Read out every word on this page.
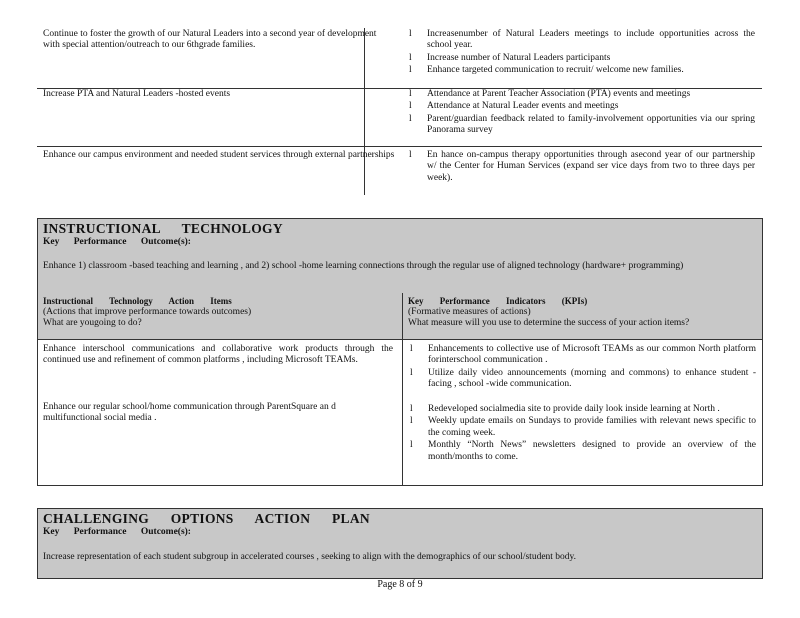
Continue to foster the growth of our Natural Leaders into a second year of development with special attention/outreach to our 6thgrade families.
l Increasenumber of Natural Leaders meetings to include opportunities across the school year.
l Increase number of Natural Leaders participants
l Enhance targeted communication to recruit/ welcome new families.
Increase PTA and Natural Leaders -hosted events	l Attendance at Parent Teacher Association (PTA) events and meetings
l Attendance at Natural Leader events and meetings
l Parent/guardian feedback related to family-involvement opportunities via our spring Panorama survey
Enhance our campus environment and needed student services through external partnerships	l En hance on-campus therapy opportunities through asecond year of our partnership w/ the Center for Human Services (expand ser vice days from two to three days per week).
INSTRUCTIONAL TECHNOLOGY
Key Performance Outcome(s):
Enhance 1) classroom -based teaching and learning , and 2) school -home learning connections through the regular use of aligned technology (hardware+ programming)
Instructional Technology Action Items
(Actions that improve performance towards outcomes)
What are yougoing to do?
Key Performance Indicators (KPIs)
(Formative measures of actions)
What measure will you use to determine the success of your action items?
Enhance interschool communications and collaborative work products through the continued use and refinement of common platforms , including Microsoft TEAMs.
l Enhancements to collective use of Microsoft TEAMs as our common North platform forinterschool communication .
l Utilize daily video announcements (morning and commons) to enhance student -facing , school -wide communication.
Enhance our regular school/home communication through ParentSquare an d multifunctional social media .
l Redeveloped socialmedia site to provide daily look inside learning at North .
l Weekly update emails on Sundays to provide families with relevant news specific to the coming week.
l Monthly “North News” newsletters designed to provide an overview of the month/months to come.
CHALLENGING OPTIONS ACTION PLAN
Key Performance Outcome(s):
Increase representation of each student subgroup in accelerated courses , seeking to align with the demographics of our school/student body.
Page 8 of 9
